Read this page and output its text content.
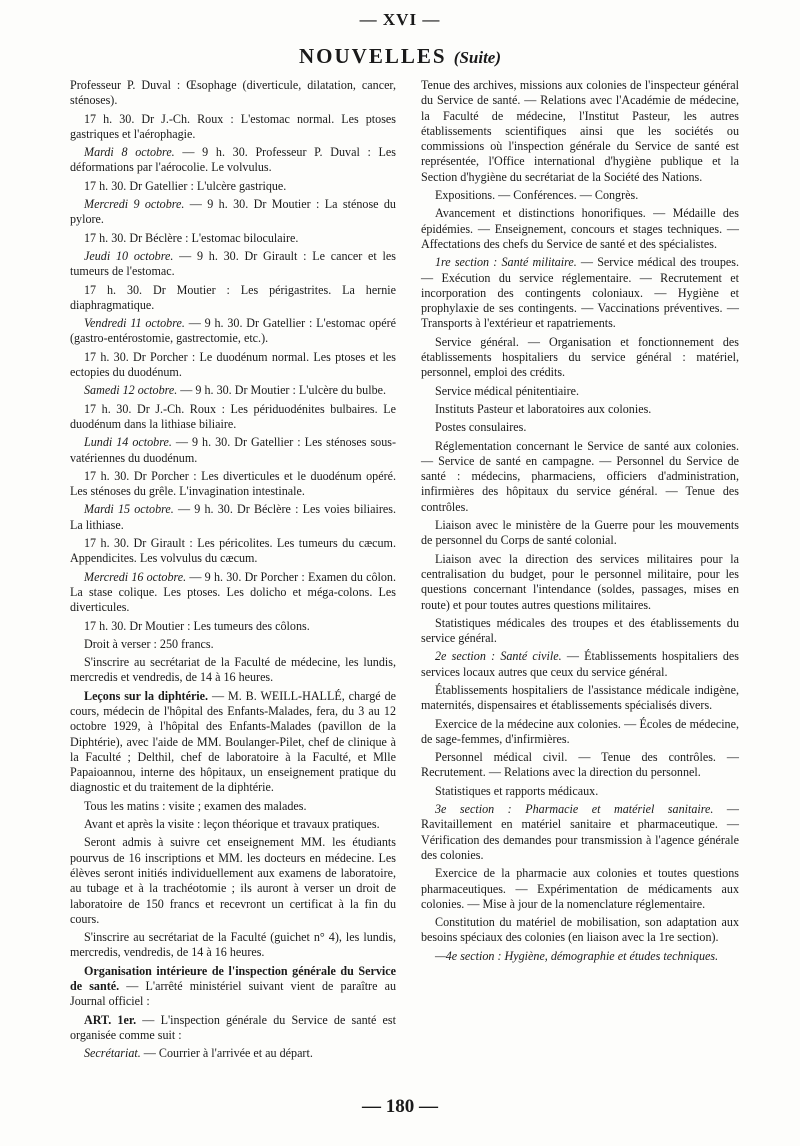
— XVI —
NOUVELLES (Suite)

Professeur P. Duval : Œsophage (diverticule, dilatation, cancer, sténoses).

17 h. 30. Dr J.-Ch. Roux : L'estomac normal. Les ptoses gastriques et l'aérophagie.

Mardi 8 octobre. — 9 h. 30. Professeur P. Duval : Les déformations par l'aérocolie. Le volvulus.

17 h. 30. Dr Gatellier : L'ulcère gastrique.

Mercredi 9 octobre. — 9 h. 30. Dr Moutier : La sténose du pylore.

17 h. 30. Dr Béclère : L'estomac biloculaire.

Jeudi 10 octobre. — 9 h. 30. Dr Girault : Le cancer et les tumeurs de l'estomac.

17 h. 30. Dr Moutier : Les périgastrites. La hernie diaphragmatique.

Vendredi 11 octobre. — 9 h. 30. Dr Gatellier : L'estomac opéré (gastro-entérostomie, gastrectomie, etc.).

17 h. 30. Dr Porcher : Le duodénum normal. Les ptoses et les ectopies du duodénum.

Samedi 12 octobre. — 9 h. 30. Dr Moutier : L'ulcère du bulbe.

17 h. 30. Dr J.-Ch. Roux : Les périduodénites bulbaires. Le duodénum dans la lithiase biliaire.

Lundi 14 octobre. — 9 h. 30. Dr Gatellier : Les sténoses sous-vatériennes du duodénum.

17 h. 30. Dr Porcher : Les diverticules et le duodénum opéré. Les sténoses du grêle. L'invagination intestinale.

Mardi 15 octobre. — 9 h. 30. Dr Béclère : Les voies biliaires. La lithiase.

17 h. 30. Dr Girault : Les péricolites. Les tumeurs du cæcum. Appendicites. Les volvulus du cæcum.

Mercredi 16 octobre. — 9 h. 30. Dr Porcher : Examen du côlon. La stase colique. Les ptoses. Les dolicho et méga-colons. Les diverticules.

17 h. 30. Dr Moutier : Les tumeurs des côlons.

Droit à verser : 250 francs.

S'inscrire au secrétariat de la Faculté de médecine, les lundis, mercredis et vendredis, de 14 à 16 heures.

Leçons sur la diphtérie. — M. B. WEILL-HALLÉ, chargé de cours, médecin de l'hôpital des Enfants-Malades, fera, du 3 au 12 octobre 1929, à l'hôpital des Enfants-Malades (pavillon de la Diphtérie), avec l'aide de MM. Boulanger-Pilet, chef de clinique à la Faculté ; Delthil, chef de laboratoire à la Faculté, et Mlle Papaioannou, interne des hôpitaux, un enseignement pratique du diagnostic et du traitement de la diphtérie.

Tous les matins : visite ; examen des malades.

Avant et après la visite : leçon théorique et travaux pratiques.

Seront admis à suivre cet enseignement MM. les étudiants pourvus de 16 inscriptions et MM. les docteurs en médecine. Les élèves seront initiés individuellement aux examens de laboratoire, au tubage et à la trachéotomie ; ils auront à verser un droit de laboratoire de 150 francs et recevront un certificat à la fin du cours.

S'inscrire au secrétariat de la Faculté (guichet n° 4), les lundis, mercredis, vendredis, de 14 à 16 heures.

Organisation intérieure de l'inspection générale du Service de santé. — L'arrêté ministériel suivant vient de paraître au Journal officiel :

ART. 1er. — L'inspection générale du Service de santé est organisée comme suit :

Secrétariat. — Courrier à l'arrivée et au départ.

Tenue des archives, missions aux colonies de l'inspecteur général du Service de santé. — Relations avec l'Académie de médecine, la Faculté de médecine, l'Institut Pasteur, les autres établissements scientifiques ainsi que les sociétés ou commissions où l'inspection générale du Service de santé est représentée, l'Office international d'hygiène publique et la Section d'hygiène du secrétariat de la Société des Nations.

Expositions. — Conférences. — Congrès.

Avancement et distinctions honorifiques. — Médaille des épidémies. — Enseignement, concours et stages techniques. — Affectations des chefs du Service de santé et des spécialistes.

1re section : Santé militaire. — Service médical des troupes. — Exécution du service réglementaire. — Recrutement et incorporation des contingents coloniaux. — Hygiène et prophylaxie de ses contingents. — Vaccinations préventives. — Transports à l'extérieur et rapatriements.

Service général. — Organisation et fonctionnement des établissements hospitaliers du service général : matériel, personnel, emploi des crédits.

Service médical pénitentiaire.

Instituts Pasteur et laboratoires aux colonies.

Postes consulaires.

Réglementation concernant le Service de santé aux colonies. — Service de santé en campagne. — Personnel du Service de santé : médecins, pharmaciens, officiers d'administration, infirmières des hôpitaux du service général. — Tenue des contrôles.

Liaison avec le ministère de la Guerre pour les mouvements de personnel du Corps de santé colonial.

Liaison avec la direction des services militaires pour la centralisation du budget, pour le personnel militaire, pour les questions concernant l'intendance (soldes, passages, mises en route) et pour toutes autres questions militaires.

Statistiques médicales des troupes et des établissements du service général.

2e section : Santé civile. — Établissements hospitaliers des services locaux autres que ceux du service général.

Établissements hospitaliers de l'assistance médicale indigène, maternités, dispensaires et établissements spécialisés divers.

Exercice de la médecine aux colonies. — Écoles de médecine, de sage-femmes, d'infirmières.

Personnel médical civil. — Tenue des contrôles. — Recrutement. — Relations avec la direction du personnel.

Statistiques et rapports médicaux.

3e section : Pharmacie et matériel sanitaire. — Ravitaillement en matériel sanitaire et pharmaceutique. — Vérification des demandes pour transmission à l'agence générale des colonies.

Exercice de la pharmacie aux colonies et toutes questions pharmaceutiques. — Expérimentation de médicaments aux colonies. — Mise à jour de la nomenclature réglementaire.

Constitution du matériel de mobilisation, son adaptation aux besoins spéciaux des colonies (en liaison avec la 1re section).

—4e section : Hygiène, démographie et études techniques.

— 180 —
